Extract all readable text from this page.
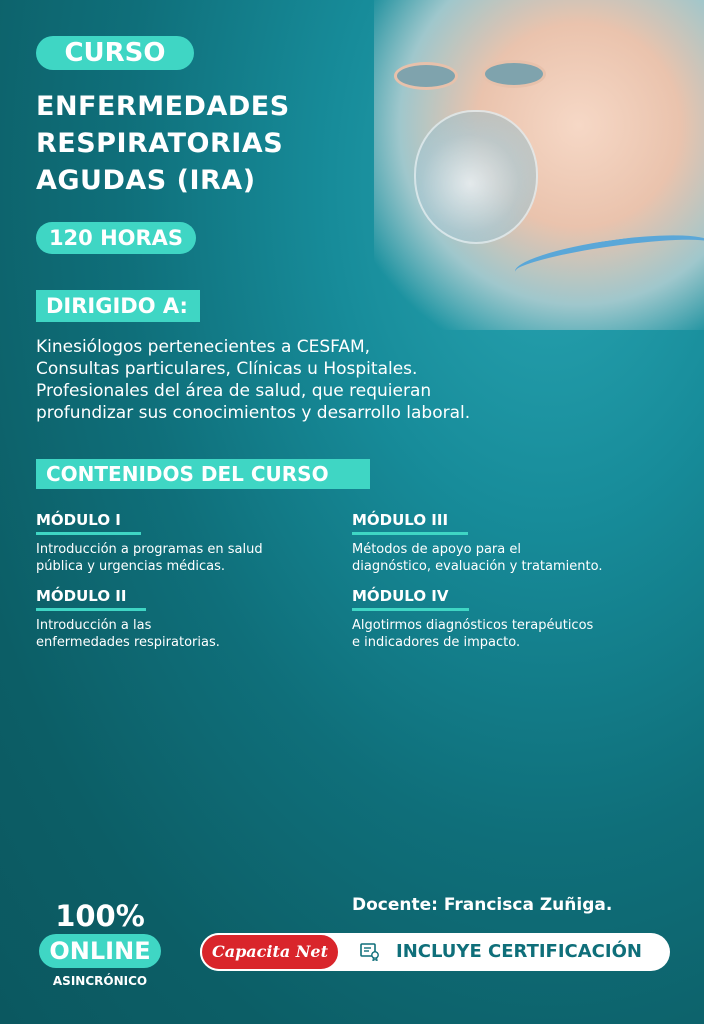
CURSO
ENFERMEDADES
RESPIRATORIAS
AGUDAS (IRA)
120 HORAS
DIRIGIDO A:
Kinesiólogos pertenecientes a CESFAM,
Consultas particulares, Clínicas u Hospitales.
Profesionales del área de salud, que requieran
profundizar sus conocimientos y desarrollo laboral.
CONTENIDOS DEL CURSO
MÓDULO I
Introducción a programas en salud
pública y urgencias médicas.
MÓDULO II
Introducción a las
enfermedades respiratorias.
MÓDULO III
Métodos de apoyo para el
diagnóstico, evaluación y tratamiento.
MÓDULO IV
Algotirmos diagnósticos terapéuticos
e indicadores de impacto.
100%
ONLINE
ASINCRÓNICO
Docente: Francisca Zuñiga.
Capacita Net	INCLUYE CERTIFICACIÓN
